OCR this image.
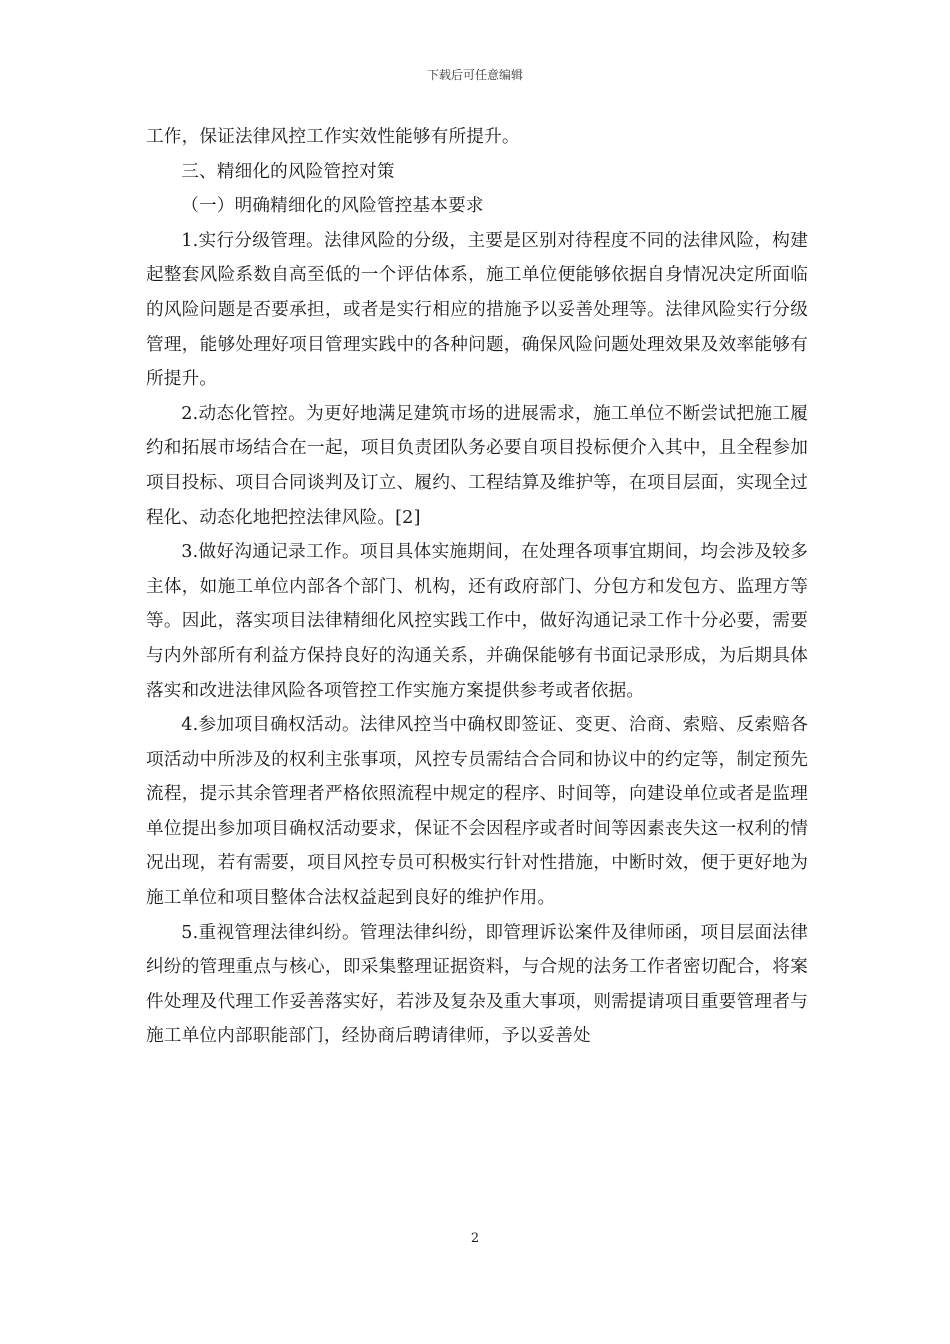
下载后可任意编辑

工作，保证法律风控工作实效性能够有所提升。

三、精细化的风险管控对策

（一）明确精细化的风险管控基本要求

1.实行分级管理。法律风险的分级，主要是区别对待程度不同的法律风险，构建起整套风险系数自高至低的一个评估体系，施工单位便能够依据自身情况决定所面临的风险问题是否要承担，或者是实行相应的措施予以妥善处理等。法律风险实行分级管理，能够处理好项目管理实践中的各种问题，确保风险问题处理效果及效率能够有所提升。

2.动态化管控。为更好地满足建筑市场的进展需求，施工单位不断尝试把施工履约和拓展市场结合在一起，项目负责团队务必要自项目投标便介入其中，且全程参加项目投标、项目合同谈判及订立、履约、工程结算及维护等，在项目层面，实现全过程化、动态化地把控法律风险。[2]

3.做好沟通记录工作。项目具体实施期间，在处理各项事宜期间，均会涉及较多主体，如施工单位内部各个部门、机构，还有政府部门、分包方和发包方、监理方等等。因此，落实项目法律精细化风控实践工作中，做好沟通记录工作十分必要，需要与内外部所有利益方保持良好的沟通关系，并确保能够有书面记录形成，为后期具体落实和改进法律风险各项管控工作实施方案提供参考或者依据。

4.参加项目确权活动。法律风控当中确权即签证、变更、洽商、索赔、反索赔各项活动中所涉及的权利主张事项，风控专员需结合合同和协议中的约定等，制定预先流程，提示其余管理者严格依照流程中规定的程序、时间等，向建设单位或者是监理单位提出参加项目确权活动要求，保证不会因程序或者时间等因素丧失这一权利的情况出现，若有需要，项目风控专员可积极实行针对性措施，中断时效，便于更好地为施工单位和项目整体合法权益起到良好的维护作用。

5.重视管理法律纠纷。管理法律纠纷，即管理诉讼案件及律师函，项目层面法律纠纷的管理重点与核心，即采集整理证据资料，与合规的法务工作者密切配合，将案件处理及代理工作妥善落实好，若涉及复杂及重大事项，则需提请项目重要管理者与施工单位内部职能部门，经协商后聘请律师，予以妥善处

2
